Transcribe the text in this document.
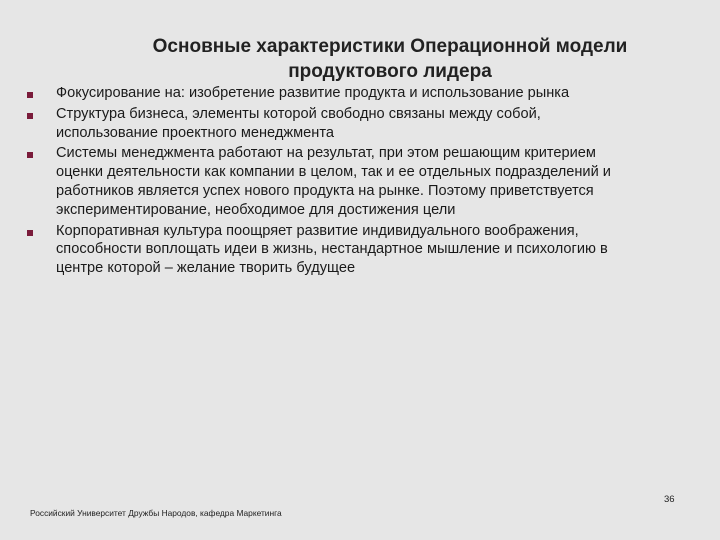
Основные характеристики Операционной модели
продуктового лидера
Фокусирование на: изобретение развитие продукта и использование рынка
Структура бизнеса, элементы которой свободно связаны между собой,
использование проектного менеджмента
Системы менеджмента работают на результат, при этом решающим критерием
оценки деятельности как компании в целом, так и ее отдельных подразделений и
работников является успех нового продукта на рынке. Поэтому приветствуется
экспериментирование, необходимое для достижения цели
Корпоративная культура поощряет развитие индивидуального воображения,
способности воплощать идеи в жизнь, нестандартное мышление и психологию в
центре которой – желание творить будущее
Российский Университет Дружбы Народов, кафедра Маркетинга
36
